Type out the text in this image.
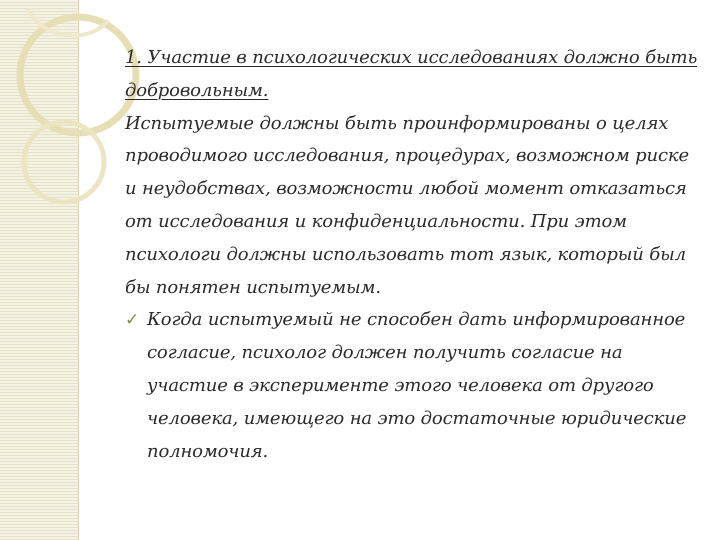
1. Участие в психологических исследованиях должно быть добровольным.

Испытуемые должны быть проинформированы о целях проводимого исследования, процедурах, возможном риске и неудобствах, возможности любой момент отказаться от исследования и конфиденциальности. При этом психологи должны использовать тот язык, который был бы понятен испытуемым.

✓ Когда испытуемый не способен дать информированное согласие, психолог должен получить согласие на участие в эксперименте этого человека от другого человека, имеющего на это достаточные юридические полномочия.
